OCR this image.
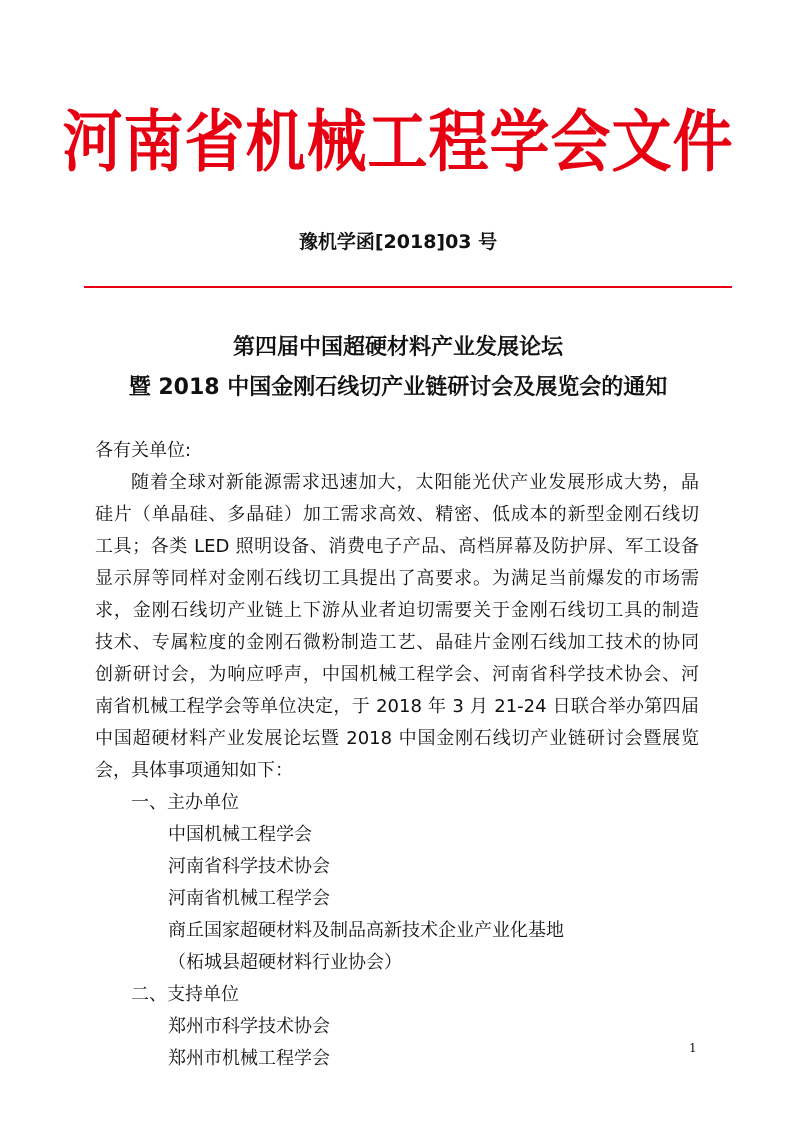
河南省机械工程学会文件
豫机学函[2018]03 号
第四届中国超硬材料产业发展论坛
暨 2018 中国金刚石线切产业链研讨会及展览会的通知
各有关单位:
随着全球对新能源需求迅速加大，太阳能光伏产业发展形成大势，晶
硅片（单晶硅、多晶硅）加工需求高效、精密、低成本的新型金刚石线切
工具；各类 LED 照明设备、消费电子产品、高档屏幕及防护屏、军工设备
显示屏等同样对金刚石线切工具提出了高要求。为满足当前爆发的市场需
求，金刚石线切产业链上下游从业者迫切需要关于金刚石线切工具的制造
技术、专属粒度的金刚石微粉制造工艺、晶硅片金刚石线加工技术的协同
创新研讨会，为响应呼声，中国机械工程学会、河南省科学技术协会、河
南省机械工程学会等单位决定，于 2018 年 3 月 21-24 日联合举办第四届
中国超硬材料产业发展论坛暨 2018 中国金刚石线切产业链研讨会暨展览
会，具体事项通知如下：
一、主办单位
中国机械工程学会
河南省科学技术协会
河南省机械工程学会
商丘国家超硬材料及制品高新技术企业产业化基地
（柘城县超硬材料行业协会）
二、支持单位
郑州市科学技术协会
郑州市机械工程学会	1
